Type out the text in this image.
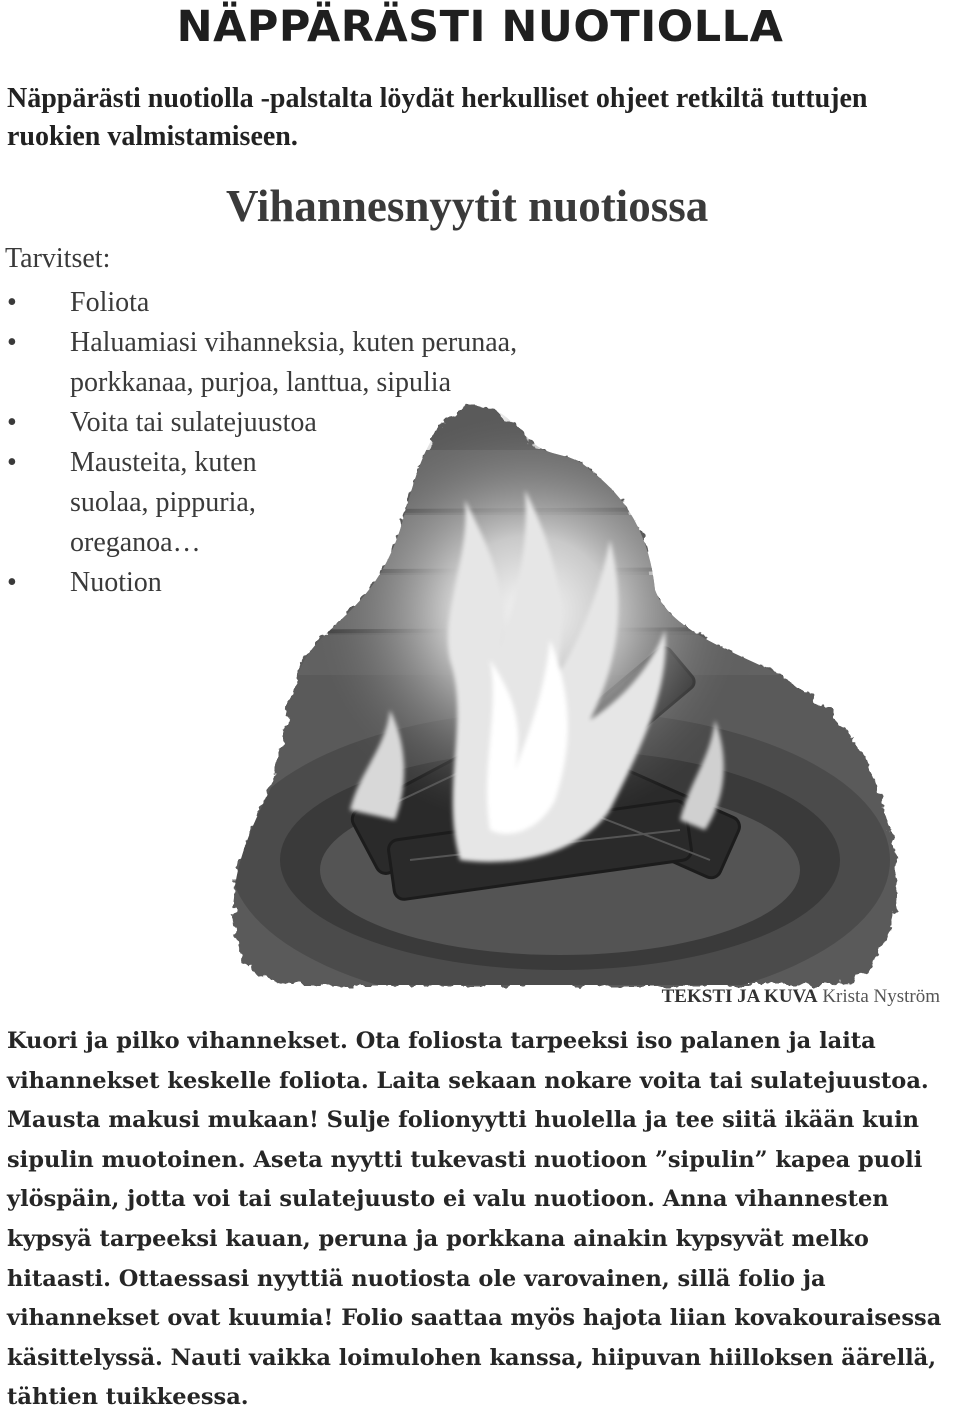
NÄPPÄRÄSTI NUOTIOLLA

Näppärästi nuotiolla -palstalta löydät herkulliset ohjeet retkiltä tuttujen ruokien valmistamiseen.

Vihannesnyytit nuotiossa

Tarvitset:

• Foliota
• Haluamiasi vihanneksia, kuten perunaa, porkkanaa, purjoa, lanttua, sipulia
• Voita tai sulatejuustoa
• Mausteita, kuten suolaa, pippuria, oreganoa…
• Nuotion

TEKSTI JA KUVA Krista Nyström

Kuori ja pilko vihannekset. Ota foliosta tarpeeksi iso palanen ja laita vihannekset keskelle foliota. Laita sekaan nokare voita tai sulatejuustoa. Mausta makusi mukaan! Sulje folionyytti huolella ja tee siitä ikään kuin sipulin muotoinen. Aseta nyytti tukevasti nuotioon ”sipulin” kapea puoli ylöspäin, jotta voi tai sulatejuusto ei valu nuotioon. Anna vihannesten kypsyä tarpeeksi kauan, peruna ja porkkana ainakin kypsyvät melko hitaasti. Ottaessasi nyyttiä nuotiosta ole varovainen, sillä folio ja vihannekset ovat kuumia! Folio saattaa myös hajota liian kovakouraisessa käsittelyssä. Nauti vaikka loimulohen kanssa, hiipuvan hiilloksen äärellä, tähtien tuikkeessa.
